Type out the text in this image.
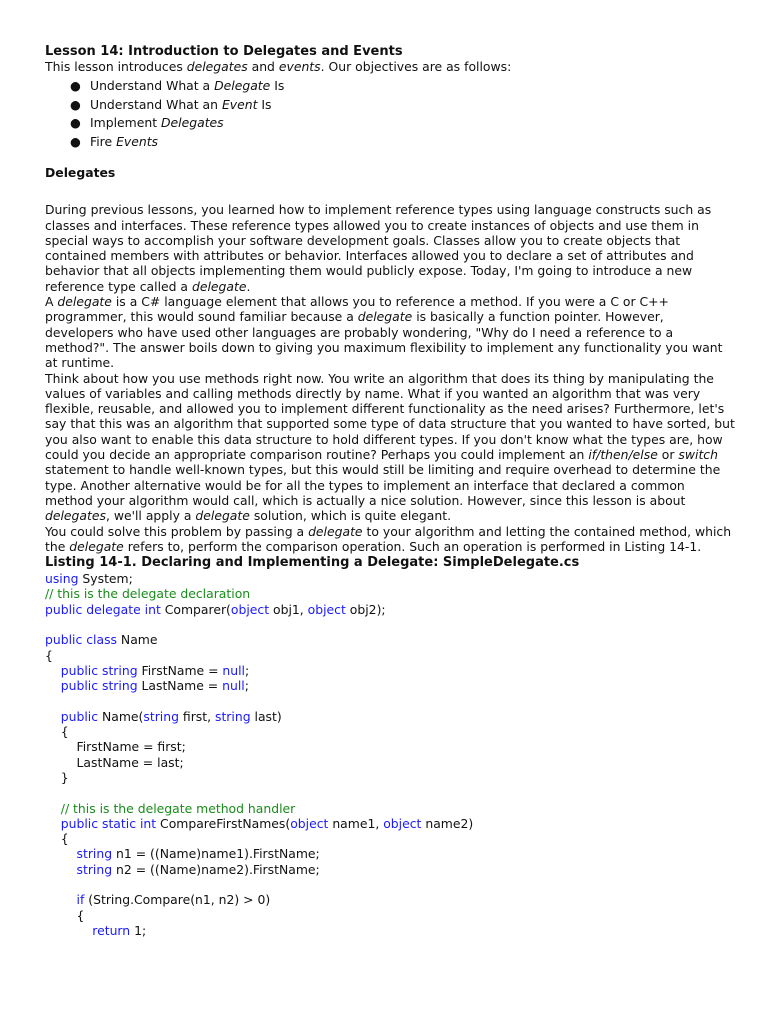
Lesson 14: Introduction to Delegates and Events

This lesson introduces delegates and events. Our objectives are as follows:

● Understand What a Delegate Is
● Understand What an Event Is
● Implement Delegates
● Fire Events
Delegates

During previous lessons, you learned how to implement reference types using language constructs such as classes and interfaces. These reference types allowed you to create instances of objects and use them in special ways to accomplish your software development goals. Classes allow you to create objects that contained members with attributes or behavior. Interfaces allowed you to declare a set of attributes and behavior that all objects implementing them would publicly expose. Today, I'm going to introduce a new reference type called a delegate.

A delegate is a C# language element that allows you to reference a method. If you were a C or C++ programmer, this would sound familiar because a delegate is basically a function pointer. However, developers who have used other languages are probably wondering, "Why do I need a reference to a method?". The answer boils down to giving you maximum flexibility to implement any functionality you want at runtime.

Think about how you use methods right now. You write an algorithm that does its thing by manipulating the values of variables and calling methods directly by name. What if you wanted an algorithm that was very flexible, reusable, and allowed you to implement different functionality as the need arises? Furthermore, let's say that this was an algorithm that supported some type of data structure that you wanted to have sorted, but you also want to enable this data structure to hold different types. If you don't know what the types are, how could you decide an appropriate comparison routine? Perhaps you could implement an if/then/else or switch statement to handle well-known types, but this would still be limiting and require overhead to determine the type. Another alternative would be for all the types to implement an interface that declared a common method your algorithm would call, which is actually a nice solution. However, since this lesson is about delegates, we'll apply a delegate solution, which is quite elegant.

You could solve this problem by passing a delegate to your algorithm and letting the contained method, which the delegate refers to, perform the comparison operation. Such an operation is performed in Listing 14-1.

Listing 14-1. Declaring and Implementing a Delegate: SimpleDelegate.cs
using System;
// this is the delegate declaration
public delegate int Comparer(object obj1, object obj2);

public class Name
{
public string FirstName = null;
public string LastName = null;

public Name(string first, string last)
{
FirstName = first;
LastName = last;
}

// this is the delegate method handler
public static int CompareFirstNames(object name1, object name2)
{
string n1 = ((Name)name1).FirstName;
string n2 = ((Name)name2).FirstName;

if (String.Compare(n1, n2) > 0)
{
return 1;
